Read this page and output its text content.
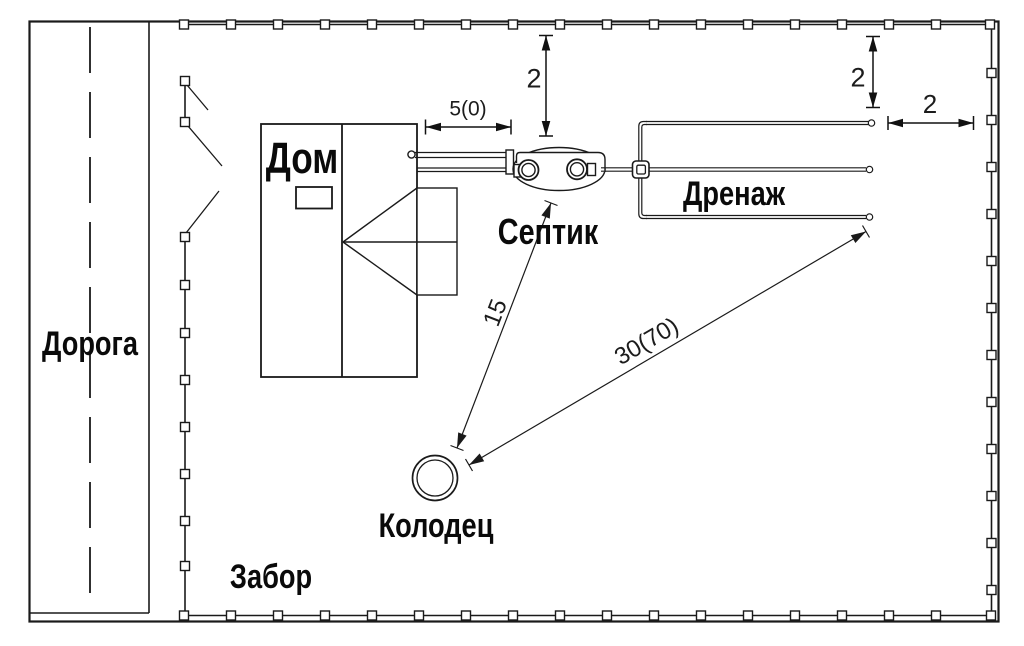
Дорога
Дом
Септик
Дренаж
Колодец
Забор
5(0)
2	2
2
15	30(70)
